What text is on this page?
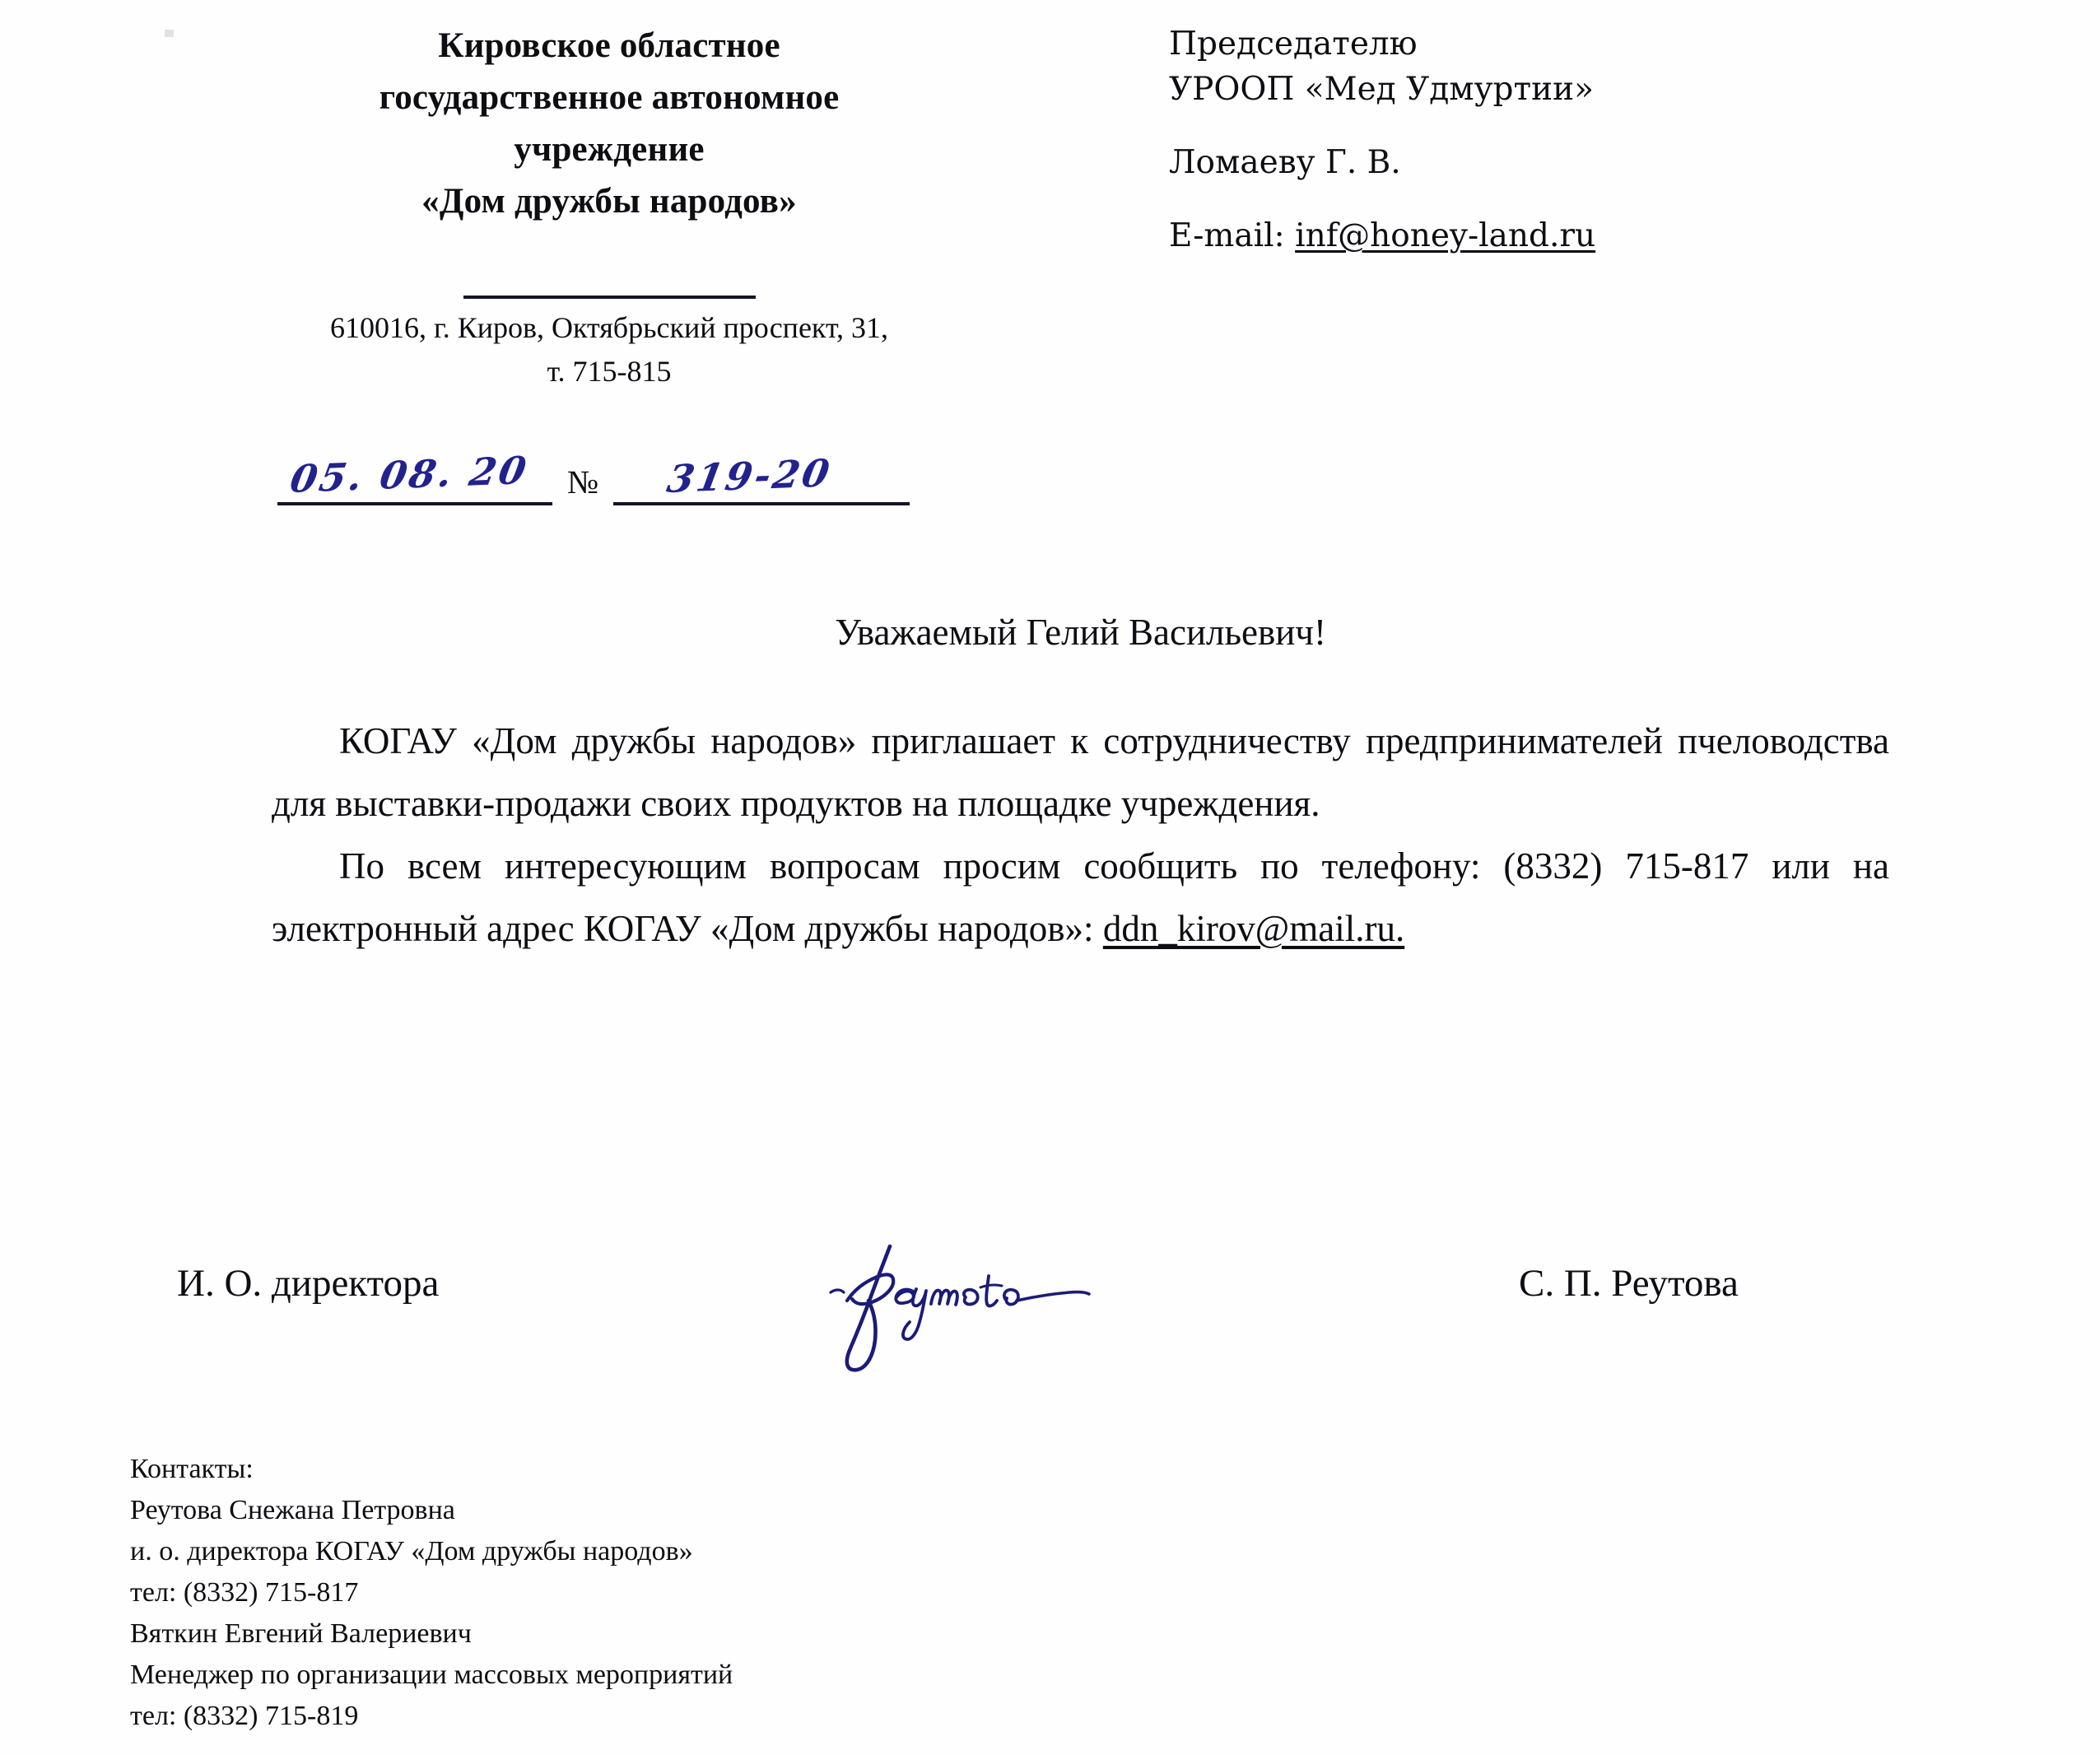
Кировское областное
государственное автономное
учреждение
«Дом дружбы народов»
610016, г. Киров, Октябрьский проспект, 31,
т. 715-815
05. 08. 20 № 319-20
Председателю
УРООП «Мед Удмуртии»
Ломаеву Г. В.
E-mail: inf@honey-land.ru
Уважаемый Гелий Васильевич!

КОГАУ «Дом дружбы народов» приглашает к сотрудничеству предпринимателей пчеловодства для выставки-продажи своих продуктов на площадке учреждения.

По всем интересующим вопросам просим сообщить по телефону: (8332) 715-817 или на электронный адрес КОГАУ «Дом дружбы народов»: ddn_kirov@mail.ru.

И. О. директора	С. П. Реутова
Контакты:
Реутова Снежана Петровна
и. о. директора КОГАУ «Дом дружбы народов»
тел: (8332) 715-817
Вяткин Евгений Валериевич
Менеджер по организации массовых мероприятий
тел: (8332) 715-819
